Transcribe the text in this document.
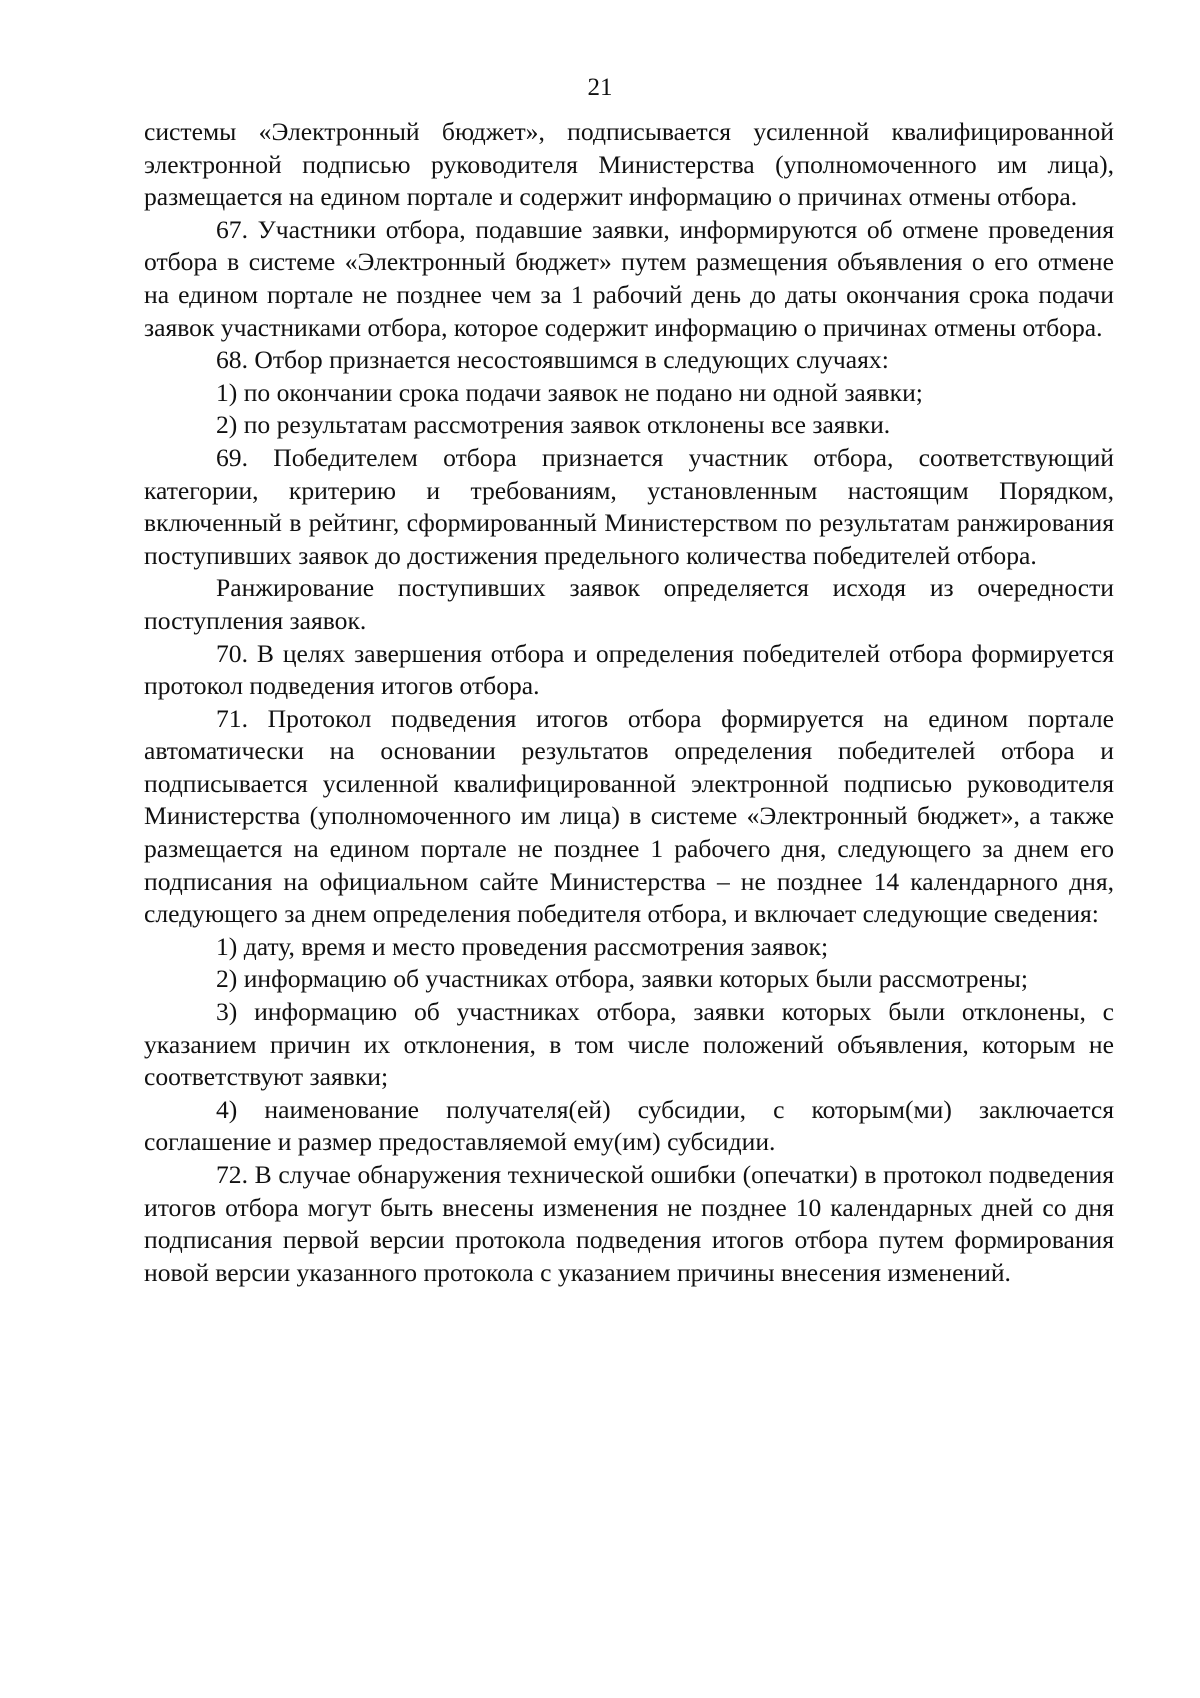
21

системы «Электронный бюджет», подписывается усиленной квалифицированной электронной подписью руководителя Министерства (уполномоченного им лица), размещается на едином портале и содержит информацию о причинах отмены отбора.

67. Участники отбора, подавшие заявки, информируются об отмене проведения отбора в системе «Электронный бюджет» путем размещения объявления о его отмене на едином портале не позднее чем за 1 рабочий день до даты окончания срока подачи заявок участниками отбора, которое содержит информацию о причинах отмены отбора.

68. Отбор признается несостоявшимся в следующих случаях:

1) по окончании срока подачи заявок не подано ни одной заявки;

2) по результатам рассмотрения заявок отклонены все заявки.

69. Победителем отбора признается участник отбора, соответствующий категории, критерию и требованиям, установленным настоящим Порядком, включенный в рейтинг, сформированный Министерством по результатам ранжирования поступивших заявок до достижения предельного количества победителей отбора.

Ранжирование поступивших заявок определяется исходя из очередности поступления заявок.

70. В целях завершения отбора и определения победителей отбора формируется протокол подведения итогов отбора.

71. Протокол подведения итогов отбора формируется на едином портале автоматически на основании результатов определения победителей отбора и подписывается усиленной квалифицированной электронной подписью руководителя Министерства (уполномоченного им лица) в системе «Электронный бюджет», а также размещается на едином портале не позднее 1 рабочего дня, следующего за днем его подписания на официальном сайте Министерства – не позднее 14 календарного дня, следующего за днем определения победителя отбора, и включает следующие сведения:

1) дату, время и место проведения рассмотрения заявок;

2) информацию об участниках отбора, заявки которых были рассмотрены;

3) информацию об участниках отбора, заявки которых были отклонены, с указанием причин их отклонения, в том числе положений объявления, которым не соответствуют заявки;

4) наименование получателя(ей) субсидии, с которым(ми) заключается соглашение и размер предоставляемой ему(им) субсидии.

72. В случае обнаружения технической ошибки (опечатки) в протокол подведения итогов отбора могут быть внесены изменения не позднее 10 календарных дней со дня подписания первой версии протокола подведения итогов отбора путем формирования новой версии указанного протокола с указанием причины внесения изменений.
